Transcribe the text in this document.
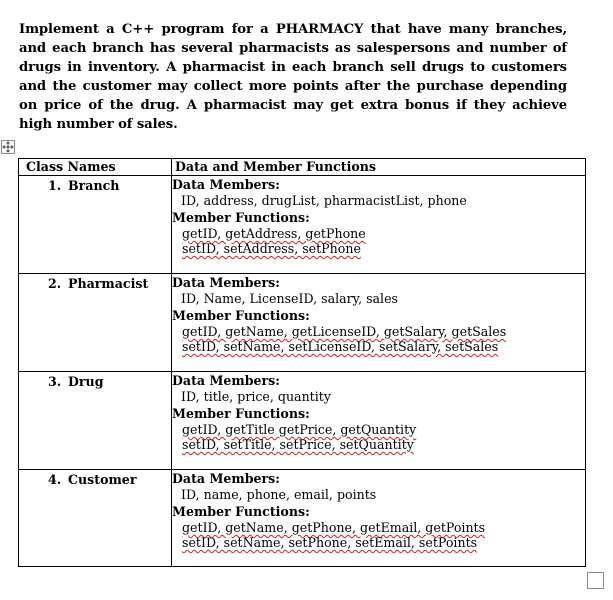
Implement a C++ program for a PHARMACY that have many branches, and each branch has several pharmacists as salespersons and number of drugs in inventory. A pharmacist in each branch sell drugs to customers and the customer may collect more points after the purchase depending on price of the drug. A pharmacist may get extra bonus if they achieve high number of sales.
Class Names	Data and Member Functions

1. Branch	Data Members:
ID, address, drugList, pharmacistList, phone
Member Functions:
getID, getAddress, getPhone
setID, setAddress, setPhone

2. Pharmacist	Data Members:
ID, Name, LicenseID, salary, sales
Member Functions:
getID, getName, getLicenseID, getSalary, getSales
setID, setName, setLicenseID, setSalary, setSales

3. Drug	Data Members:
ID, title, price, quantity
Member Functions:
getID, getTitle getPrice, getQuantity
setID, setTitle, setPrice, setQuantity

4. Customer	Data Members:
ID, name, phone, email, points
Member Functions:
getID, getName, getPhone, getEmail, getPoints
setID, setName, setPhone, setEmail, setPoints
